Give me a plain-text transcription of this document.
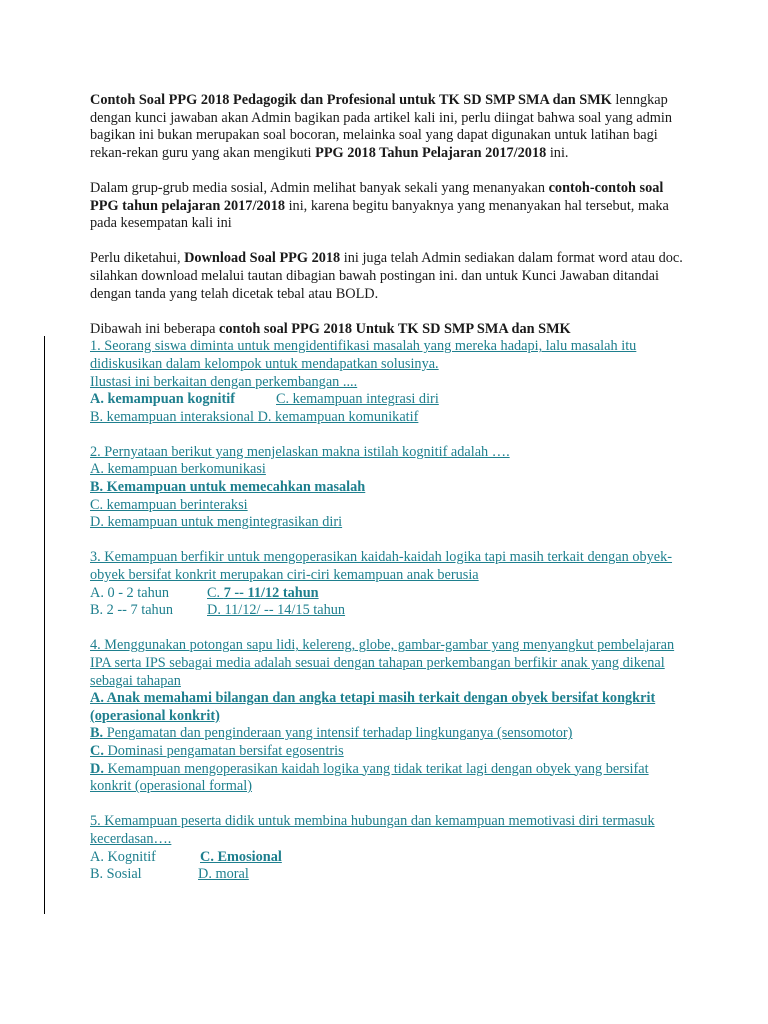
Contoh Soal PPG 2018 Pedagogik dan Profesional untuk TK SD SMP SMA dan SMK lenngkap dengan kunci jawaban akan Admin bagikan pada artikel kali ini, perlu diingat bahwa soal yang admin bagikan ini bukan merupakan soal bocoran, melainka soal yang dapat digunakan untuk latihan bagi rekan-rekan guru yang akan mengikuti PPG 2018 Tahun Pelajaran 2017/2018 ini.

Dalam grup-grub media sosial, Admin melihat banyak sekali yang menanyakan contoh-contoh soal PPG tahun pelajaran 2017/2018 ini, karena begitu banyaknya yang menanyakan hal tersebut, maka pada kesempatan kali ini

Perlu diketahui, Download Soal PPG 2018 ini juga telah Admin sediakan dalam format word atau doc. silahkan download melalui tautan dibagian bawah postingan ini. dan untuk Kunci Jawaban ditandai dengan tanda yang telah dicetak tebal atau BOLD.

Dibawah ini beberapa contoh soal PPG 2018 Untuk TK SD SMP SMA dan SMK

1. Seorang siswa diminta untuk mengidentifikasi masalah yang mereka hadapi, lalu masalah itu didiskusikan dalam kelompok untuk mendapatkan solusinya.

Ilustasi ini berkaitan dengan perkembangan ....

A. kemampuan kognitif	C. kemampuan integrasi diri

B. kemampuan interaksional D. kemampuan komunikatif

2. Pernyataan berikut yang menjelaskan makna istilah kognitif adalah ….

A. kemampuan berkomunikasi

B. Kemampuan untuk memecahkan masalah

C. kemampuan berinteraksi

D. kemampuan untuk mengintegrasikan diri

3. Kemampuan berfikir untuk mengoperasikan kaidah-kaidah logika tapi masih terkait dengan obyek-obyek bersifat konkrit merupakan ciri-ciri kemampuan anak berusia

A. 0 - 2 tahun	C. 7 -- 11/12 tahun

B. 2 -- 7 tahun D. 11/12/ -- 14/15 tahun

4. Menggunakan potongan sapu lidi, kelereng, globe, gambar-gambar yang menyangkut pembelajaran IPA serta IPS sebagai media adalah sesuai dengan tahapan perkembangan berfikir anak yang dikenal sebagai tahapan

A. Anak memahami bilangan dan angka tetapi masih terkait dengan obyek bersifat kongkrit (operasional konkrit)

B. Pengamatan dan penginderaan yang intensif terhadap lingkunganya (sensomotor)

C. Dominasi pengamatan bersifat egosentris

D. Kemampuan mengoperasikan kaidah logika yang tidak terikat lagi dengan obyek yang bersifat konkrit (operasional formal)

5. Kemampuan peserta didik untuk membina hubungan dan kemampuan memotivasi diri termasuk kecerdasan….

A. Kognitif	C. Emosional

B. Sosial	D. moral
